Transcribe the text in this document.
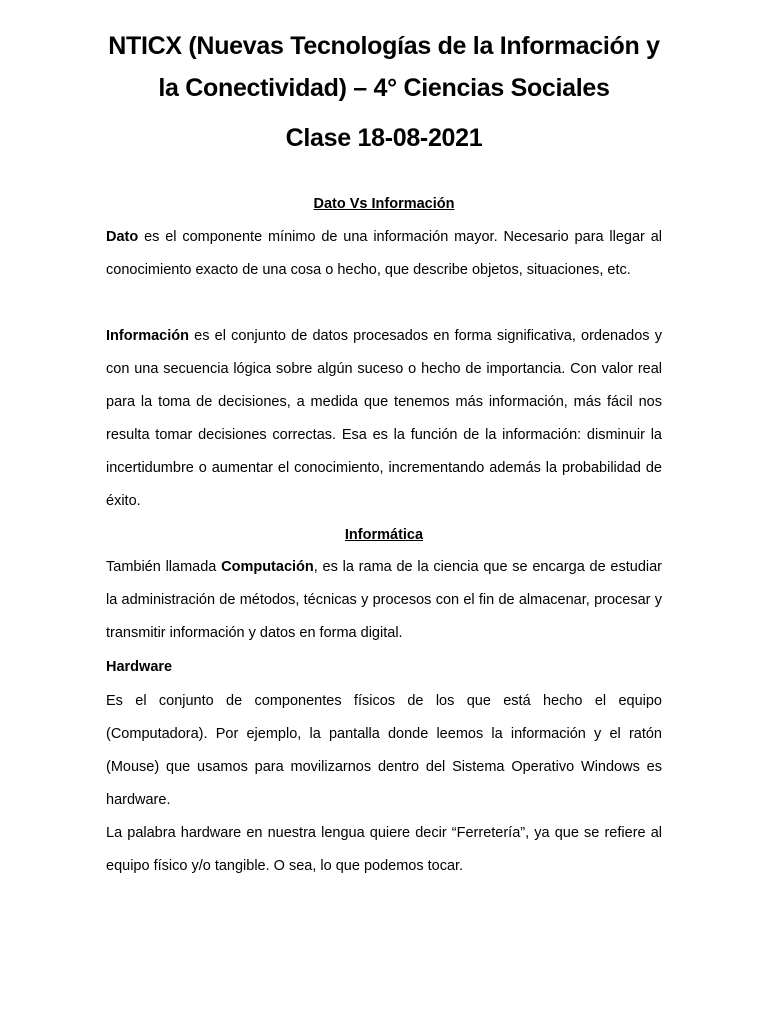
NTICX (Nuevas Tecnologías de la Información y
la Conectividad) – 4° Ciencias Sociales
Clase 18-08-2021
Dato Vs Información

Dato es el componente mínimo de una información mayor. Necesario para llegar al conocimiento exacto de una cosa o hecho, que describe objetos, situaciones, etc.

Información es el conjunto de datos procesados en forma significativa, ordenados y con una secuencia lógica sobre algún suceso o hecho de importancia. Con valor real para la toma de decisiones, a medida que tenemos más información, más fácil nos resulta tomar decisiones correctas. Esa es la función de la información: disminuir la incertidumbre o aumentar el conocimiento, incrementando además la probabilidad de éxito.

Informática

También llamada Computación, es la rama de la ciencia que se encarga de estudiar la administración de métodos, técnicas y procesos con el fin de almacenar, procesar y transmitir información y datos en forma digital.

Hardware

Es el conjunto de componentes físicos de los que está hecho el equipo (Computadora). Por ejemplo, la pantalla donde leemos la información y el ratón (Mouse) que usamos para movilizarnos dentro del Sistema Operativo Windows es hardware.

La palabra hardware en nuestra lengua quiere decir “Ferretería”, ya que se refiere al equipo físico y/o tangible. O sea, lo que podemos tocar.
